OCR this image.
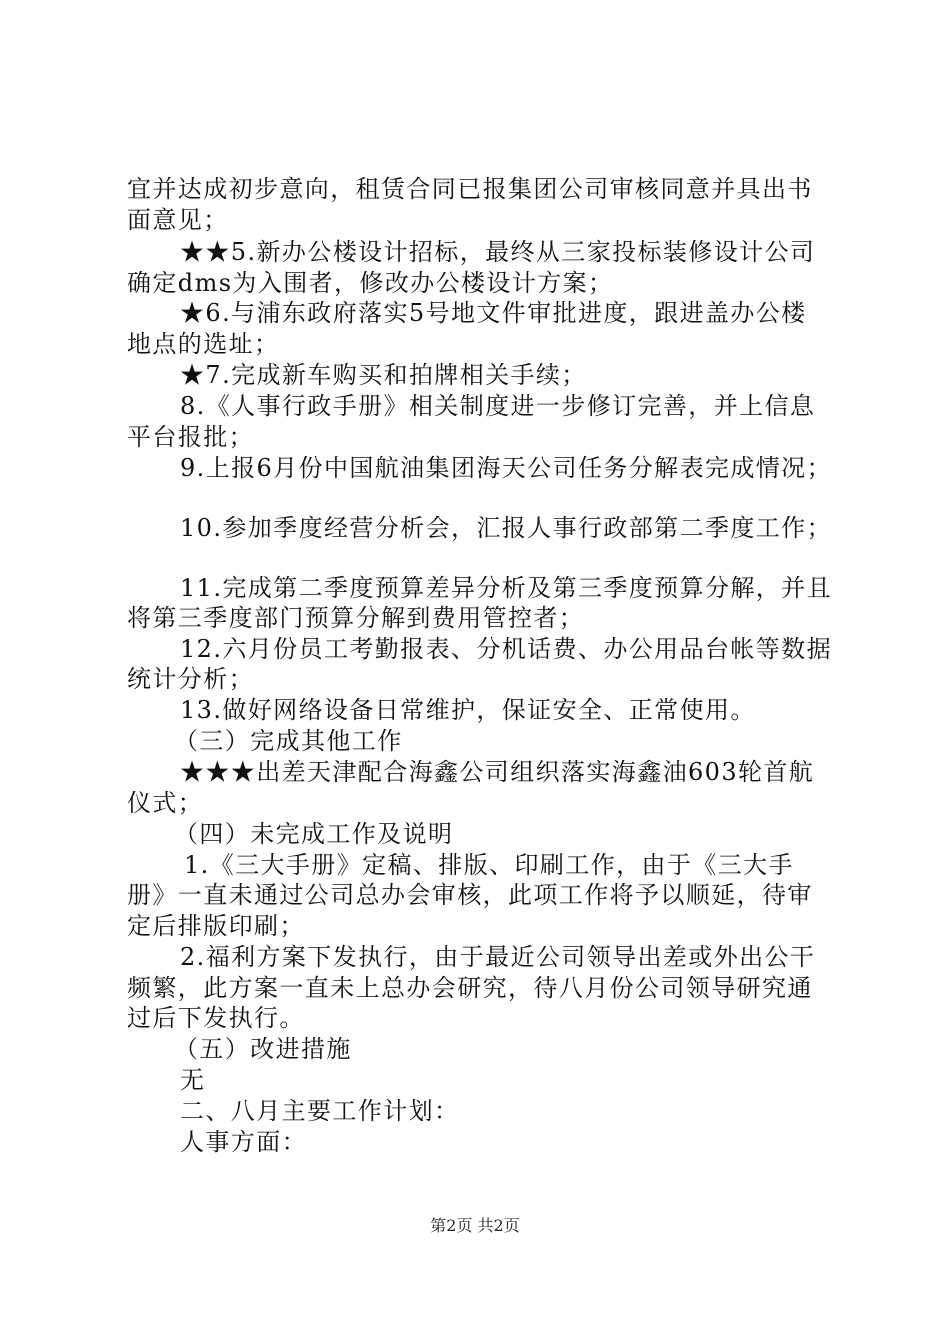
宜并达成初步意向，租赁合同已报集团公司审核同意并具出书
面意见；
★★5.新办公楼设计招标，最终从三家投标装修设计公司
确定dms为入围者，修改办公楼设计方案；
★6.与浦东政府落实5号地文件审批进度，跟进盖办公楼
地点的选址；
★7.完成新车购买和拍牌相关手续；
8.《人事行政手册》相关制度进一步修订完善，并上信息
平台报批；
9.上报6月份中国航油集团海天公司任务分解表完成情况；
10.参加季度经营分析会，汇报人事行政部第二季度工作；
11.完成第二季度预算差异分析及第三季度预算分解，并且
将第三季度部门预算分解到费用管控者；
12.六月份员工考勤报表、分机话费、办公用品台帐等数据
统计分析；
13.做好网络设备日常维护，保证安全、正常使用。
（三）完成其他工作
★★★出差天津配合海鑫公司组织落实海鑫油603轮首航
仪式；
（四）未完成工作及说明
1.《三大手册》定稿、排版、印刷工作，由于《三大手
册》一直未通过公司总办会审核，此项工作将予以顺延，待审
定后排版印刷；
2.福利方案下发执行，由于最近公司领导出差或外出公干
频繁，此方案一直未上总办会研究，待八月份公司领导研究通
过后下发执行。
（五）改进措施
无
二、八月主要工作计划：
人事方面：
第2页 共2页
